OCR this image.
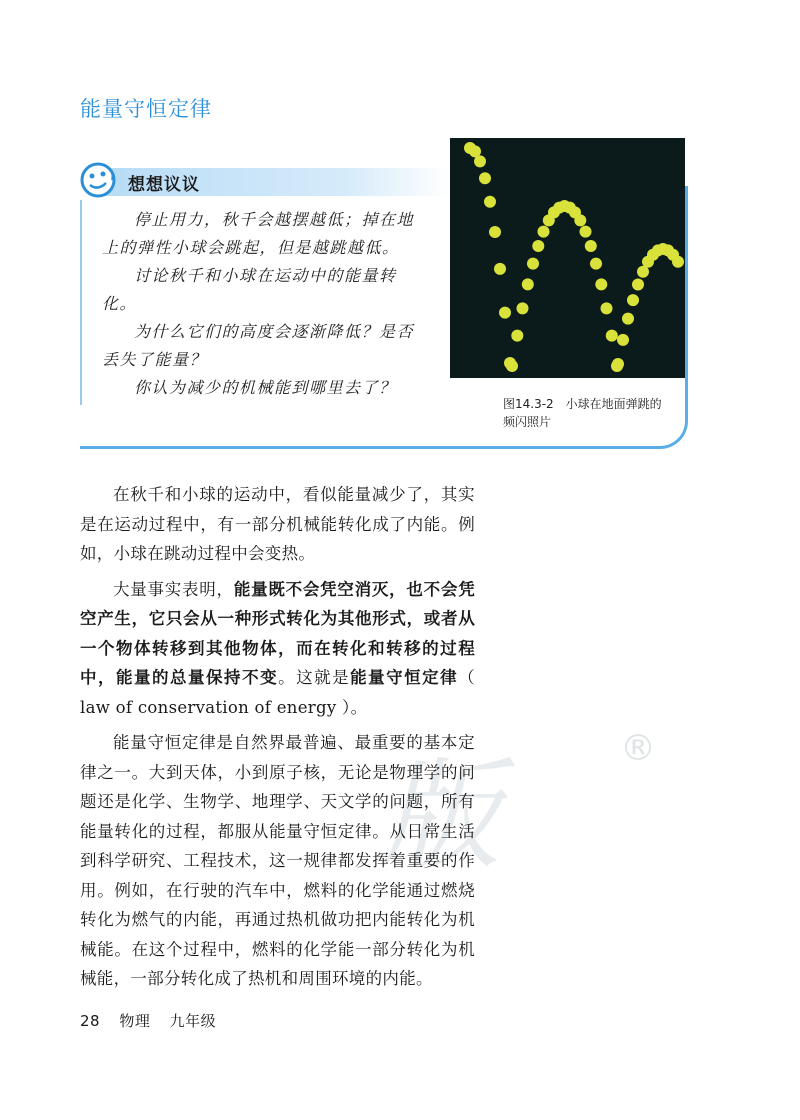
能量守恒定律
想想议议

停止用力，秋千会越摆越低；掉在地上的弹性小球会跳起，但是越跳越低。

讨论秋千和小球在运动中的能量转化。

为什么它们的高度会逐渐降低？是否丢失了能量？

你认为减少的机械能到哪里去了？

图14.3-2　小球在地面弹跳的
频闪照片
版	®

在秋千和小球的运动中，看似能量减少了，其实是在运动过程中，有一部分机械能转化成了内能。例如，小球在跳动过程中会变热。

大量事实表明，能量既不会凭空消灭，也不会凭空产生，它只会从一种形式转化为其他形式，或者从一个物体转移到其他物体，而在转化和转移的过程中，能量的总量保持不变。这就是能量守恒定律（ law of conservation of energy ）。

能量守恒定律是自然界最普遍、最重要的基本定律之一。大到天体，小到原子核，无论是物理学的问题还是化学、生物学、地理学、天文学的问题，所有能量转化的过程，都服从能量守恒定律。从日常生活到科学研究、工程技术，这一规律都发挥着重要的作用。例如，在行驶的汽车中，燃料的化学能通过燃烧转化为燃气的内能，再通过热机做功把内能转化为机械能。在这个过程中，燃料的化学能一部分转化为机械能，一部分转化成了热机和周围环境的内能。

28 物理 九年级
